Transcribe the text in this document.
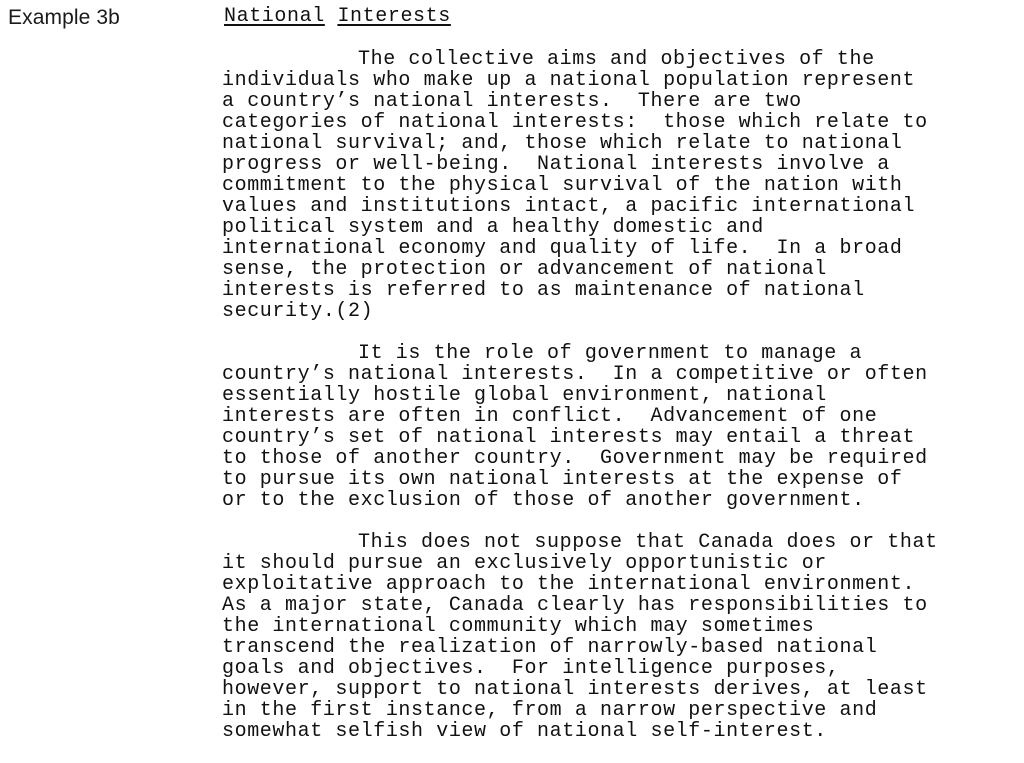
Example 3b	National Interests
The collective aims and objectives of the
individuals who make up a national population represent
a country’s national interests.  There are two
categories of national interests:  those which relate to
national survival; and, those which relate to national
progress or well-being.  National interests involve a
commitment to the physical survival of the nation with
values and institutions intact, a pacific international
political system and a healthy domestic and
international economy and quality of life.  In a broad
sense, the protection or advancement of national
interests is referred to as maintenance of national
security.(2)
It is the role of government to manage a
country’s national interests.  In a competitive or often
essentially hostile global environment, national
interests are often in conflict.  Advancement of one
country’s set of national interests may entail a threat
to those of another country.  Government may be required
to pursue its own national interests at the expense of
or to the exclusion of those of another government.
This does not suppose that Canada does or that
it should pursue an exclusively opportunistic or
exploitative approach to the international environment.
As a major state, Canada clearly has responsibilities to
the international community which may sometimes
transcend the realization of narrowly-based national
goals and objectives.  For intelligence purposes,
however, support to national interests derives, at least
in the first instance, from a narrow perspective and
somewhat selfish view of national self-interest.
